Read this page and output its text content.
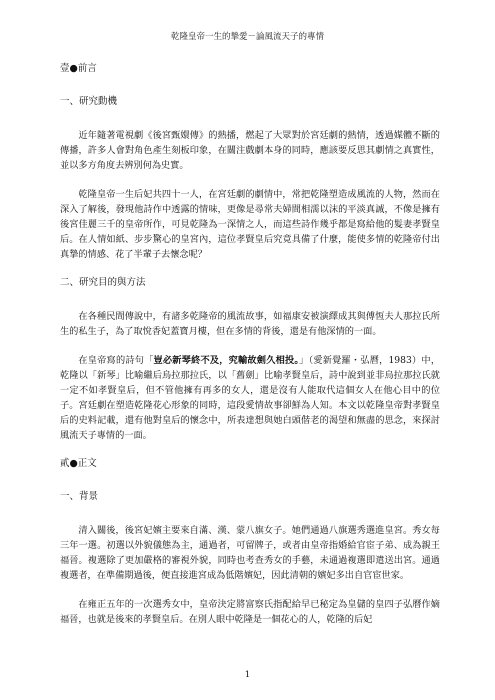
乾隆皇帝一生的摯愛－論風流天子的專情
壹●前言
一、研究動機

近年隨著電視劇《後宮甄嬛傳》的熱播，燃起了大眾對於宮廷劇的熱情，透過媒體不斷的傳播，許多人會對角色產生刻板印象，在關注戲劇本身的同時，應該要反思其劇情之真實性，並以多方角度去辨別何為史實。

乾隆皇帝一生后妃共四十一人，在宮廷劇的劇情中，常把乾隆塑造成風流的人物，然而在深入了解後，發現他詩作中透露的情味，更像是尋常夫婦間相濡以沫的平淡真誠，不像是擁有後宮佳麗三千的皇帝所作，可見乾隆為一深情之人，而這些詩作幾乎都是寫給他的髮妻孝賢皇后。在人情如紙、步步驚心的皇宮內，這位孝賢皇后究竟具備了什麼，能使多情的乾隆帝付出真摯的情感、花了半輩子去懷念呢？

二、研究目的與方法

在各種民間傳說中，有諸多乾隆帝的風流故事，如福康安被演繹成其與傅恆夫人那拉氏所生的私生子，為了取悅香妃蓋寶月樓，但在多情的背後，還是有他深情的一面。

在皇帝寫的詩句「豈必新琴終不及，究輸故劍久相投。」（愛新覺羅・弘曆，1983）中，乾隆以「新琴」比喻繼后烏拉那拉氏，以「舊劍」比喻孝賢皇后，詩中說到並非烏拉那拉氏就一定不如孝賢皇后，但不管他擁有再多的女人，還是沒有人能取代這個女人在他心目中的位子。宮廷劇在塑造乾隆花心形象的同時，這段愛情故事卻鮮為人知。本文以乾隆皇帝對孝賢皇后的史料記載，還有他對皇后的懷念中，所表達想與她白頭偕老的渴望和無盡的思念，來探討風流天子專情的一面。

貳●正文
一、背景

清入關後，後宮妃嬪主要來自滿、漢、蒙八旗女子。她們通過八旗選秀選進皇宮。秀女每三年一選。初選以外貌儀態為主，通過者，可留牌子，或者由皇帝指婚給官宦子弟、成為親王福晉。複選除了更加嚴格的審視外貌，同時也考查秀女的手藝，未通過複選即遣送出宮。通過複選者，在準備期過後，便直接進宮成為低階嬪妃，因此清朝的嬪妃多出自官宦世家。

在雍正五年的一次選秀女中，皇帝決定將富察氏指配給早已秘定為皇儲的皇四子弘曆作嫡福晉，也就是後來的孝賢皇后。在別人眼中乾隆是一個花心的人，乾隆的后妃

1
